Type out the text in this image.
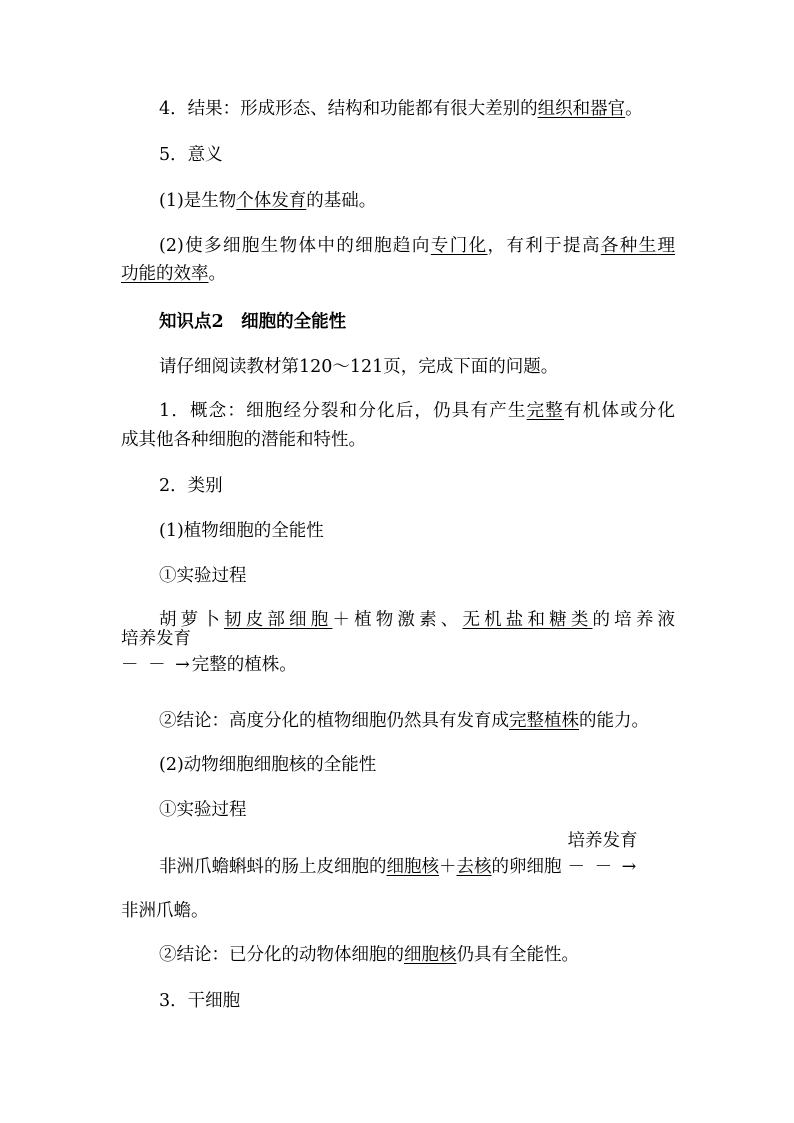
4．结果：形成形态、结构和功能都有很大差别的组织和器官。
5．意义
(1)是生物个体发育的基础。
(2)使多细胞生物体中的细胞趋向专门化，有利于提高各种生理
功能的效率。
知识点2　细胞的全能性
请仔细阅读教材第120～121页，完成下面的问题。
1．概念：细胞经分裂和分化后，仍具有产生完整有机体或分化
成其他各种细胞的潜能和特性。
2．类别
(1)植物细胞的全能性
①实验过程
胡萝卜韧皮部细胞＋植物激素、无机盐和糖类的培养液
培养发育
－ － →完整的植株。
②结论：高度分化的植物细胞仍然具有发育成完整植株的能力。
(2)动物细胞细胞核的全能性
①实验过程
非洲爪蟾蝌蚪的肠上皮细胞的细胞核＋去核的卵细胞
培养发育
－ － →
非洲爪蟾。
②结论：已分化的动物体细胞的细胞核仍具有全能性。
3．干细胞
